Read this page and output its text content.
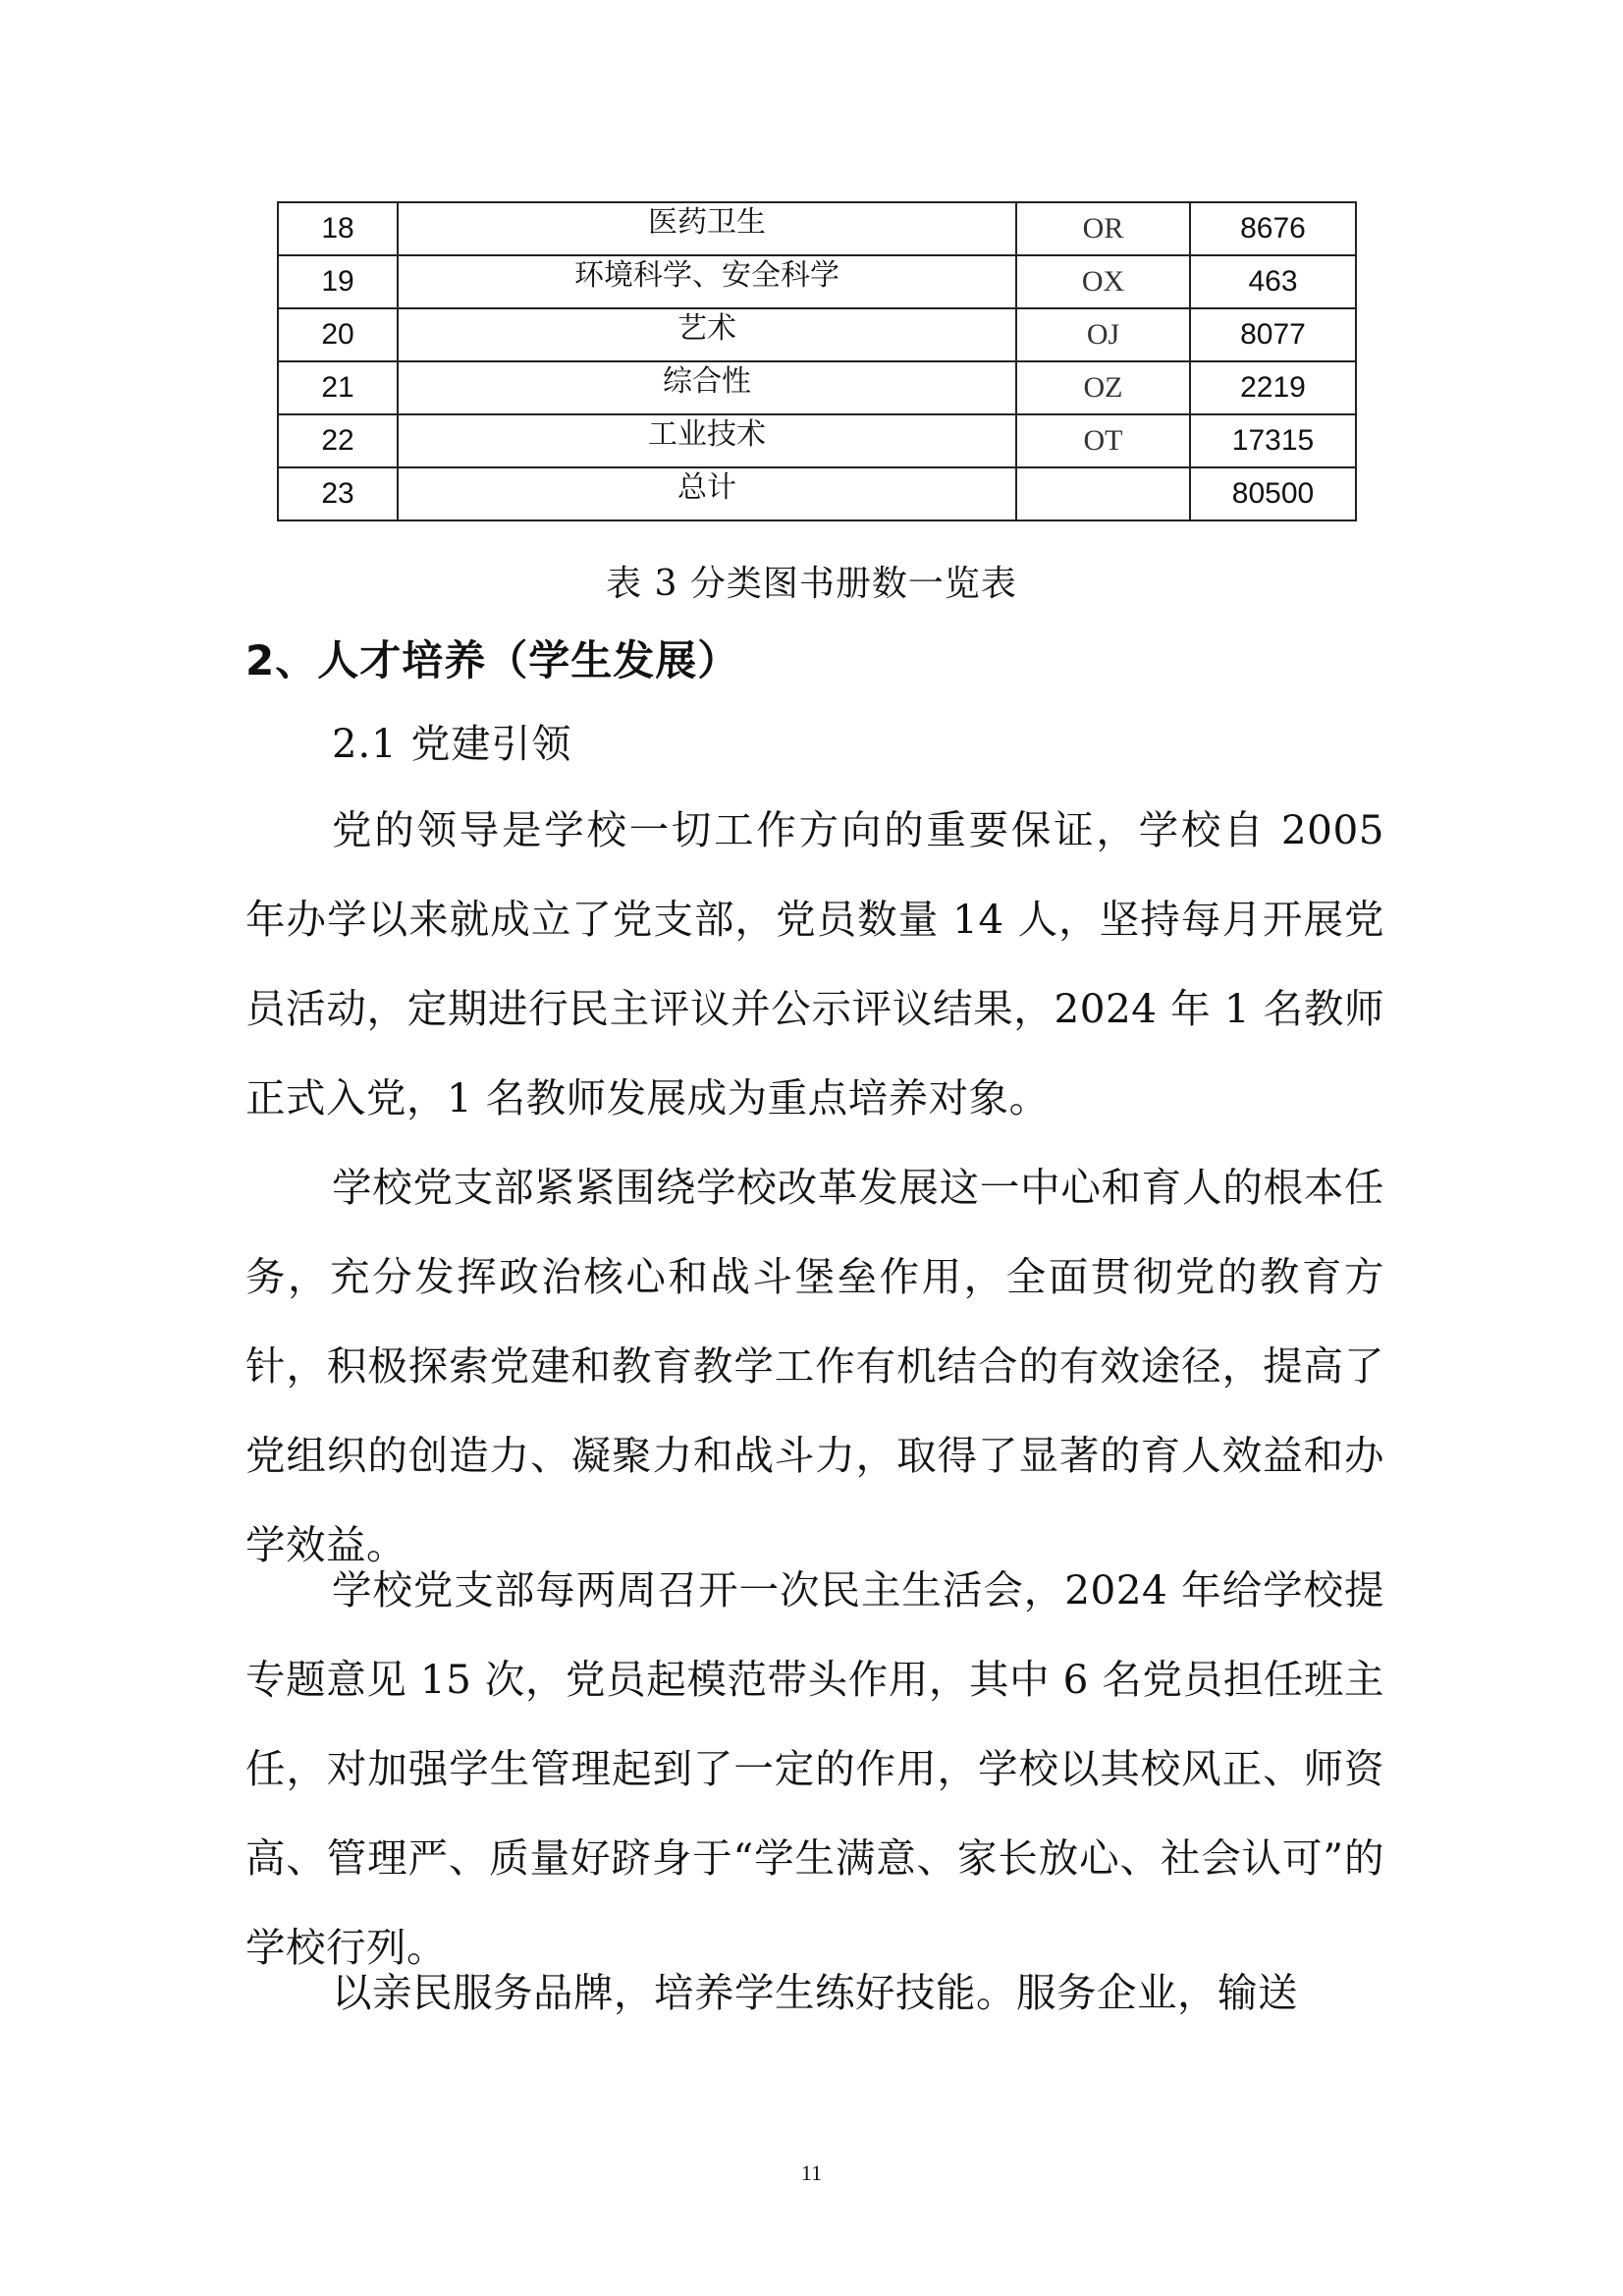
18	医药卫生	OR	8676
19	环境科学、安全科学	OX	463
20	艺术	OJ	8077
21	综合性	OZ	2219
22	工业技术	OT	17315
23	总计		80500
表 3 分类图书册数一览表
2、人才培养（学生发展）
2.1 党建引领

党的领导是学校一切工作方向的重要保证，学校自 2005 年办学以来就成立了党支部，党员数量 14 人，坚持每月开展党员活动，定期进行民主评议并公示评议结果，2024 年 1 名教师正式入党，1 名教师发展成为重点培养对象。

学校党支部紧紧围绕学校改革发展这一中心和育人的根本任务，充分发挥政治核心和战斗堡垒作用，全面贯彻党的教育方针，积极探索党建和教育教学工作有机结合的有效途径，提高了党组织的创造力、凝聚力和战斗力，取得了显著的育人效益和办学效益。

学校党支部每两周召开一次民主生活会，2024 年给学校提专题意见 15 次，党员起模范带头作用，其中 6 名党员担任班主任，对加强学生管理起到了一定的作用，学校以其校风正、师资高、管理严、质量好跻身于“学生满意、家长放心、社会认可”的学校行列。

以亲民服务品牌，培养学生练好技能。服务企业，输送

11
